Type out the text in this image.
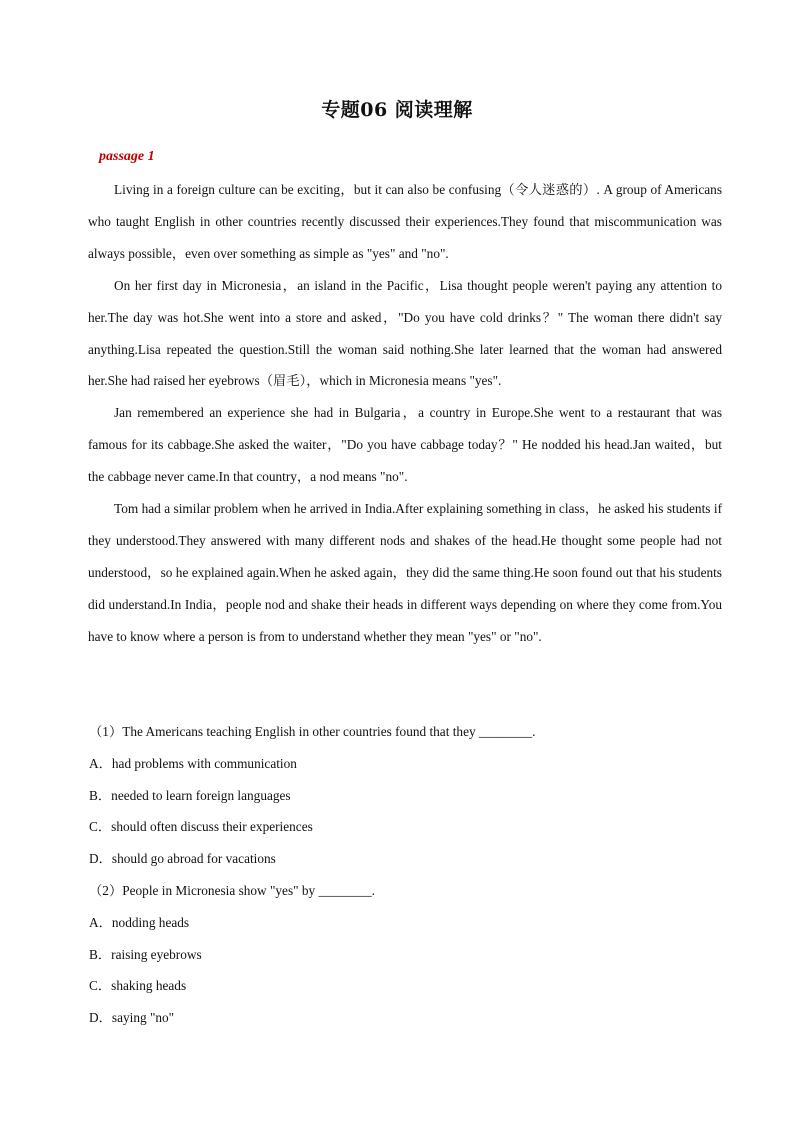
专题06 阅读理解
passage 1

Living in a foreign culture can be exciting，but it can also be confusing（令人迷惑的）. A group of Americans who taught English in other countries recently discussed their experiences.They found that miscommunication was always possible，even over something as simple as "yes" and "no".

On her first day in Micronesia，an island in the Pacific，Lisa thought people weren't paying any attention to her.The day was hot.She went into a store and asked，"Do you have cold drinks？" The woman there didn't say anything.Lisa repeated the question.Still the woman said nothing.She later learned that the woman had answered her.She had raised her eyebrows（眉毛），which in Micronesia means "yes".

Jan remembered an experience she had in Bulgaria，a country in Europe.She went to a restaurant that was famous for its cabbage.She asked the waiter，"Do you have cabbage today？" He nodded his head.Jan waited，but the cabbage never came.In that country，a nod means "no".

Tom had a similar problem when he arrived in India.After explaining something in class，he asked his students if they understood.They answered with many different nods and shakes of the head.He thought some people had not understood，so he explained again.When he asked again，they did the same thing.He soon found out that his students did understand.In India，people nod and shake their heads in different ways depending on where they come from.You have to know where a person is from to understand whether they mean "yes" or "no".

（1）The Americans teaching English in other countries found that they ________.
A．had problems with communication
B．needed to learn foreign languages
C．should often discuss their experiences
D．should go abroad for vacations
（2）People in Micronesia show "yes" by ________.
A．nodding heads
B．raising eyebrows
C．shaking heads
D．saying "no"
